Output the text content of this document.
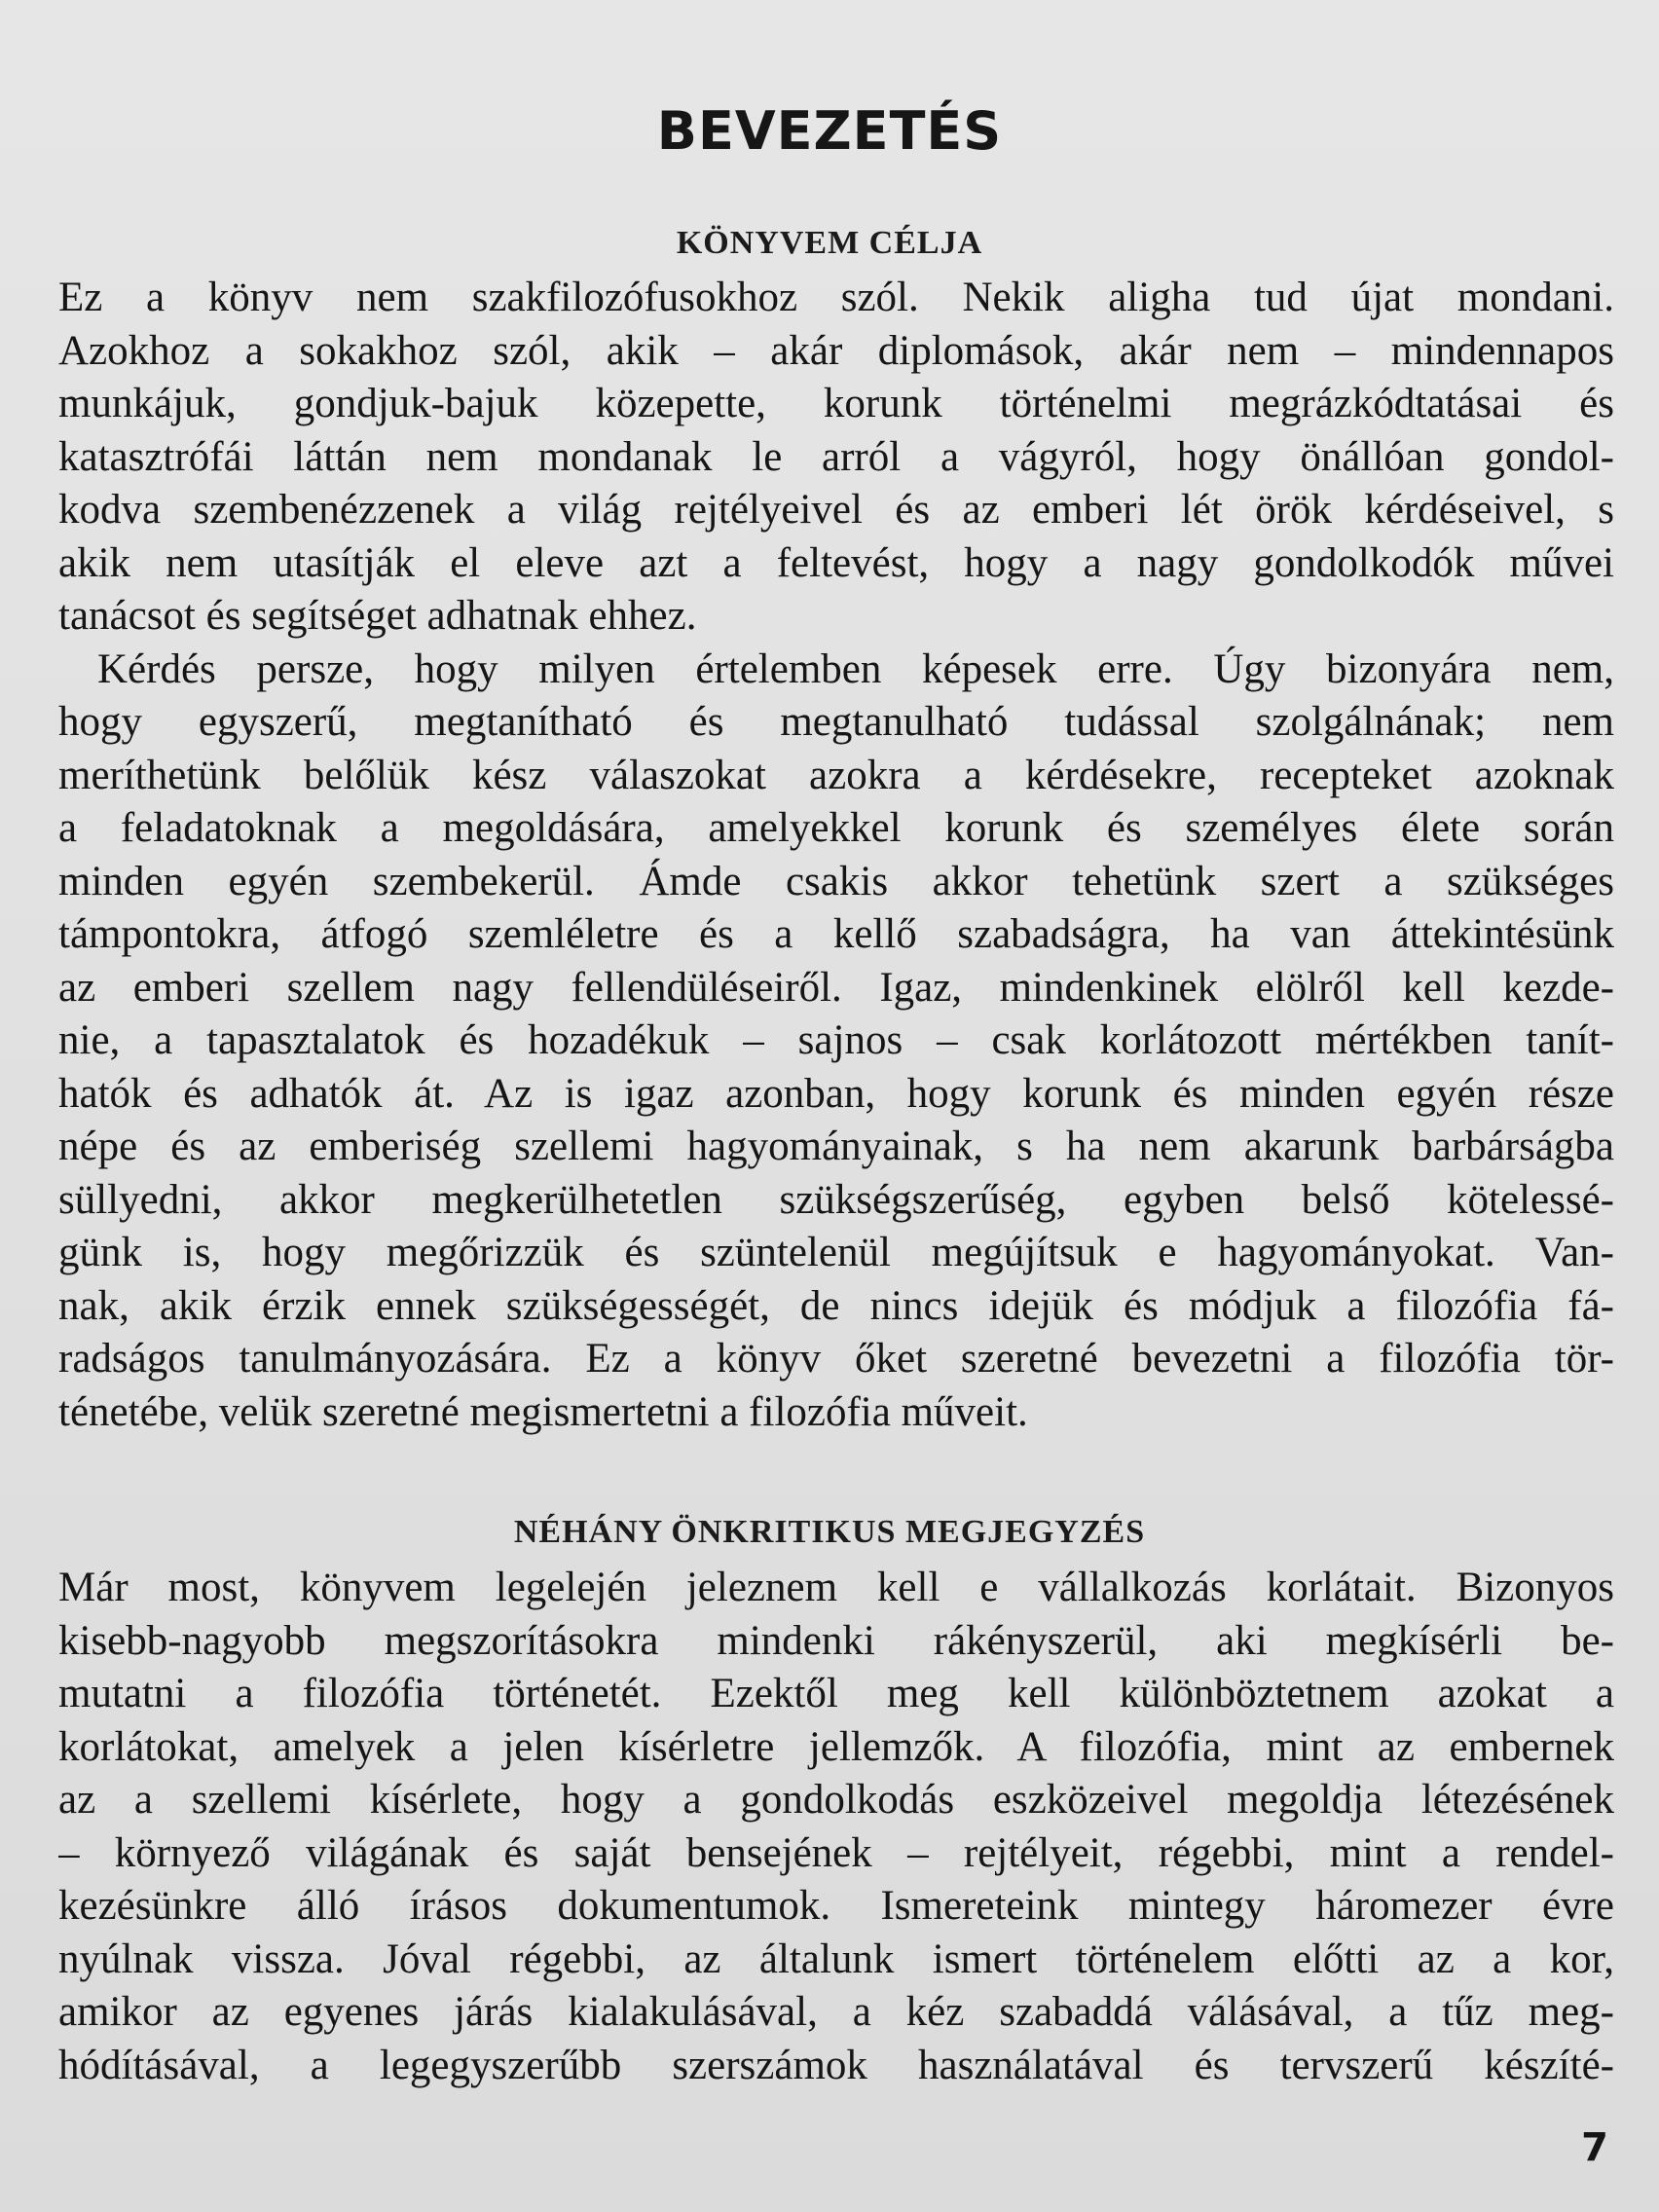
BEVEZETÉS
KÖNYVEM CÉLJA
Ez a könyv nem szakfilozófusokhoz szól. Nekik aligha tud újat mondani.
Azokhoz a sokakhoz szól, akik – akár diplomások, akár nem – mindennapos
munkájuk, gondjuk-bajuk közepette, korunk történelmi megrázkódtatásai és
katasztrófái láttán nem mondanak le arról a vágyról, hogy önállóan gondol-
kodva szembenézzenek a világ rejtélyeivel és az emberi lét örök kérdéseivel, s
akik nem utasítják el eleve azt a feltevést, hogy a nagy gondolkodók művei
tanácsot és segítséget adhatnak ehhez.
Kérdés persze, hogy milyen értelemben képesek erre. Úgy bizonyára nem,
hogy egyszerű, megtanítható és megtanulható tudással szolgálnának; nem
meríthetünk belőlük kész válaszokat azokra a kérdésekre, recepteket azoknak
a feladatoknak a megoldására, amelyekkel korunk és személyes élete során
minden egyén szembekerül. Ámde csakis akkor tehetünk szert a szükséges
támpontokra, átfogó szemléletre és a kellő szabadságra, ha van áttekintésünk
az emberi szellem nagy fellendüléseiről. Igaz, mindenkinek elölről kell kezde-
nie, a tapasztalatok és hozadékuk – sajnos – csak korlátozott mértékben tanít-
hatók és adhatók át. Az is igaz azonban, hogy korunk és minden egyén része
népe és az emberiség szellemi hagyományainak, s ha nem akarunk barbárságba
süllyedni, akkor megkerülhetetlen szükségszerűség, egyben belső kötelessé-
günk is, hogy megőrizzük és szüntelenül megújítsuk e hagyományokat. Van-
nak, akik érzik ennek szükségességét, de nincs idejük és módjuk a filozófia fá-
radságos tanulmányozására. Ez a könyv őket szeretné bevezetni a filozófia tör-
ténetébe, velük szeretné megismertetni a filozófia műveit.
NÉHÁNY ÖNKRITIKUS MEGJEGYZÉS
Már most, könyvem legelején jeleznem kell e vállalkozás korlátait. Bizonyos
kisebb-nagyobb megszorításokra mindenki rákényszerül, aki megkísérli be-
mutatni a filozófia történetét. Ezektől meg kell különböztetnem azokat a
korlátokat, amelyek a jelen kísérletre jellemzők. A filozófia, mint az embernek
az a szellemi kísérlete, hogy a gondolkodás eszközeivel megoldja létezésének
– környező világának és saját bensejének – rejtélyeit, régebbi, mint a rendel-
kezésünkre álló írásos dokumentumok. Ismereteink mintegy háromezer évre
nyúlnak vissza. Jóval régebbi, az általunk ismert történelem előtti az a kor,
amikor az egyenes járás kialakulásával, a kéz szabaddá válásával, a tűz meg-
hódításával, a legegyszerűbb szerszámok használatával és tervszerű készíté-
7
